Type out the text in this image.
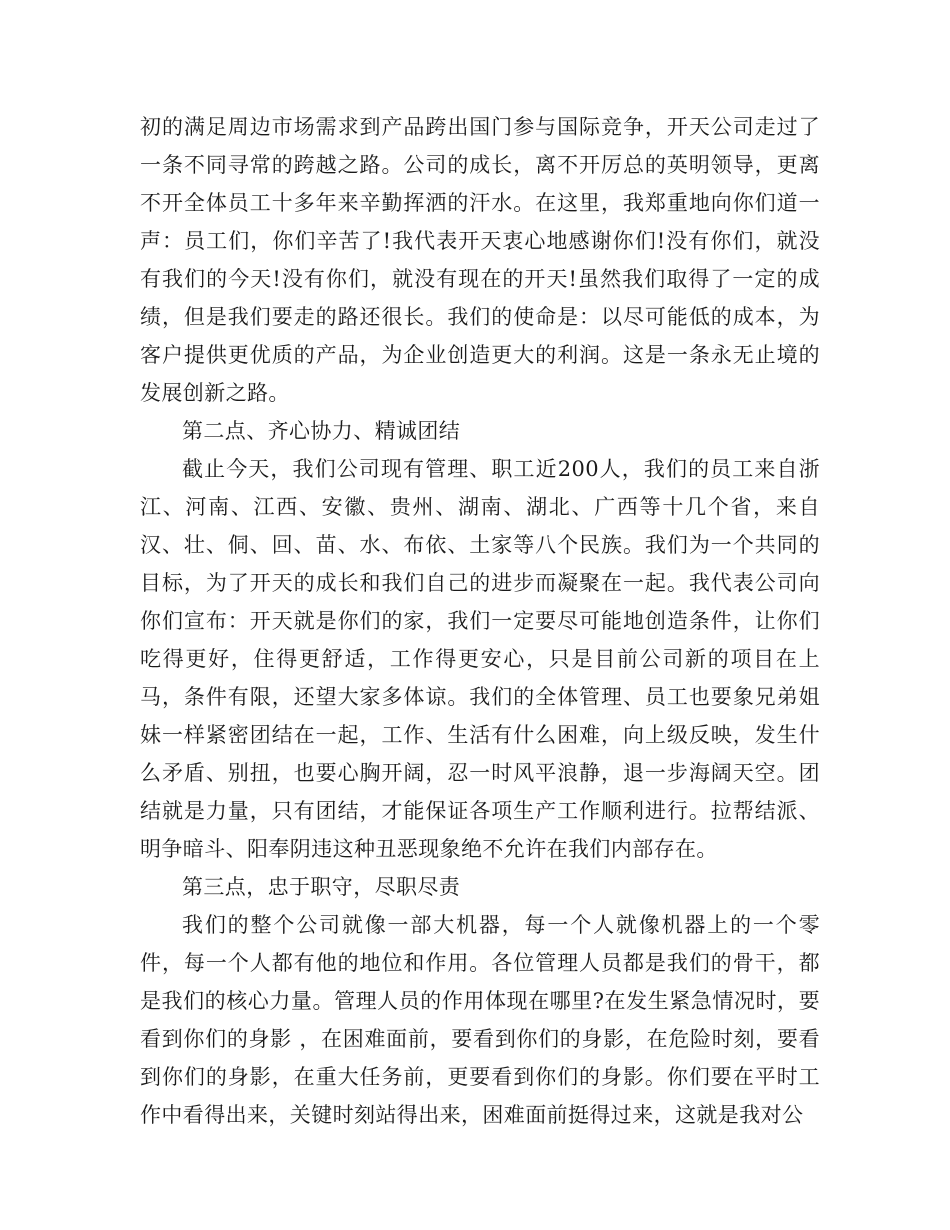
初的满足周边市场需求到产品跨出国门参与国际竞争，开天公司走过了一条不同寻常的跨越之路。公司的成长，离不开厉总的英明领导，更离不开全体员工十多年来辛勤挥洒的汗水。在这里，我郑重地向你们道一声：员工们，你们辛苦了!我代表开天衷心地感谢你们!没有你们，就没有我们的今天!没有你们，就没有现在的开天!虽然我们取得了一定的成绩，但是我们要走的路还很长。我们的使命是：以尽可能低的成本，为客户提供更优质的产品，为企业创造更大的利润。这是一条永无止境的发展创新之路。

第二点、齐心协力、精诚团结

截止今天，我们公司现有管理、职工近200人，我们的员工来自浙江、河南、江西、安徽、贵州、湖南、湖北、广西等十几个省，来自汉、壮、侗、回、苗、水、布依、土家等八个民族。我们为一个共同的目标，为了开天的成长和我们自己的进步而凝聚在一起。我代表公司向你们宣布：开天就是你们的家，我们一定要尽可能地创造条件，让你们吃得更好，住得更舒适，工作得更安心，只是目前公司新的项目在上马，条件有限，还望大家多体谅。我们的全体管理、员工也要象兄弟姐妹一样紧密团结在一起，工作、生活有什么困难，向上级反映，发生什么矛盾、别扭，也要心胸开阔，忍一时风平浪静，退一步海阔天空。团结就是力量，只有团结，才能保证各项生产工作顺利进行。拉帮结派、明争暗斗、阳奉阴违这种丑恶现象绝不允许在我们内部存在。

第三点，忠于职守，尽职尽责

我们的整个公司就像一部大机器，每一个人就像机器上的一个零件，每一个人都有他的地位和作用。各位管理人员都是我们的骨干，都是我们的核心力量。管理人员的作用体现在哪里?在发生紧急情况时，要看到你们的身影 ，在困难面前，要看到你们的身影，在危险时刻，要看到你们的身影，在重大任务前，更要看到你们的身影。你们要在平时工作中看得出来，关键时刻站得出来，困难面前挺得过来，这就是我对公
